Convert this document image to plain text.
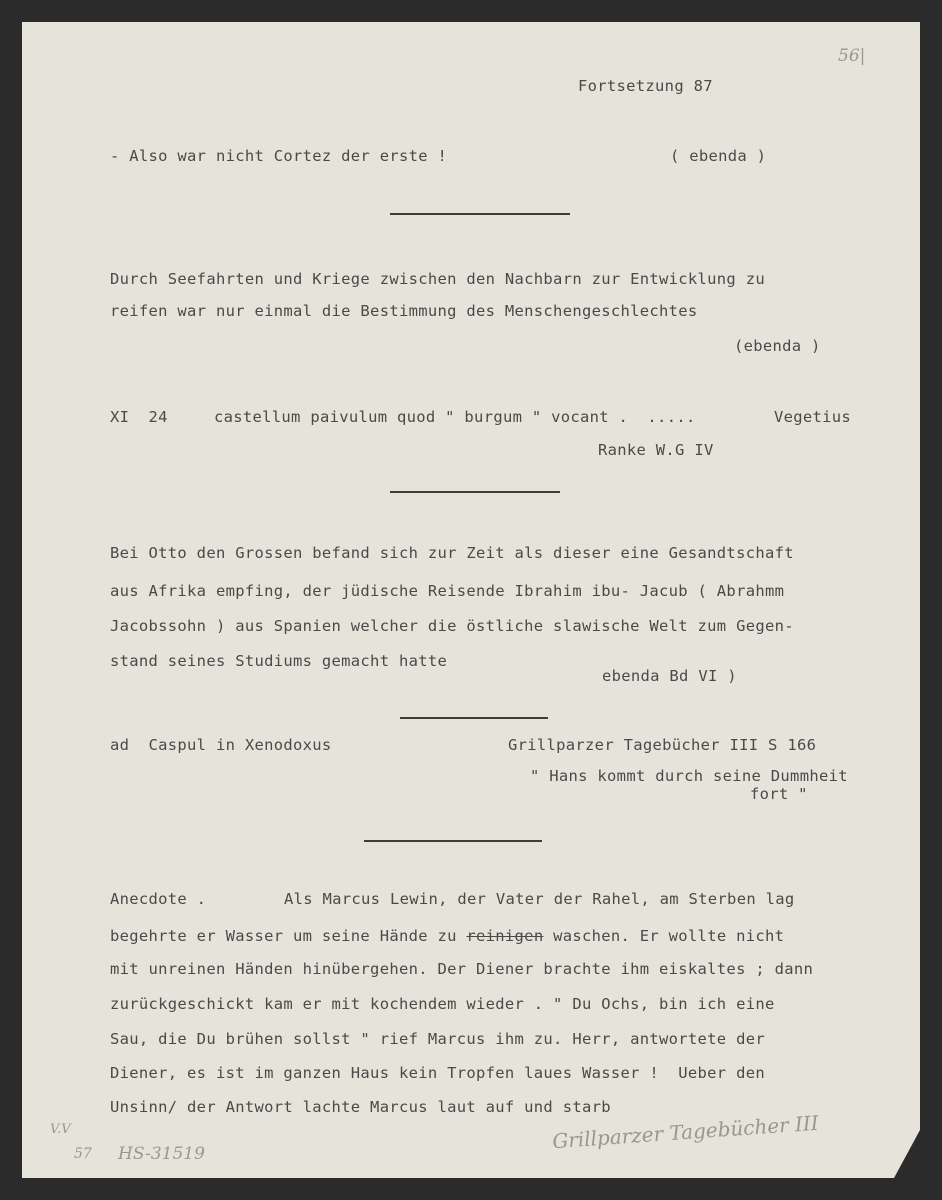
56|
Fortsetzung 87
- Also war nicht Cortez der erste !	( ebenda )
Durch Seefahrten und Kriege zwischen den Nachbarn zur Entwicklung zu
reifen war nur einmal die Bestimmung des Menschengeschlechtes
(ebenda )
XI  24	castellum paivulum quod " burgum " vocant .  .....	Vegetius
Ranke W.G IV
Bei Otto den Grossen befand sich zur Zeit als dieser eine Gesandtschaft
aus Afrika empfing, der jüdische Reisende Ibrahim ibu- Jacub ( Abrahmm
Jacobssohn ) aus Spanien welcher die östliche slawische Welt zum Gegen-
stand seines Studiums gemacht hatte
ebenda Bd VI )
ad  Caspul in Xenodoxus	Grillparzer Tagebücher III S 166
" Hans kommt durch seine Dummheit
fort "
Anecdote .	Als Marcus Lewin, der Vater der Rahel, am Sterben lag
begehrte er Wasser um seine Hände zu reinigen waschen. Er wollte nicht
mit unreinen Händen hinübergehen. Der Diener brachte ihm eiskaltes ; dann
zurückgeschickt kam er mit kochendem wieder . " Du Ochs, bin ich eine
Sau, die Du brühen sollst " rief Marcus ihm zu. Herr, antwortete der
Diener, es ist im ganzen Haus kein Tropfen laues Wasser !  Ueber den
Unsinn/ der Antwort lachte Marcus laut auf und starb
V.V
57 HS-31519
Grillparzer Tagebücher III
